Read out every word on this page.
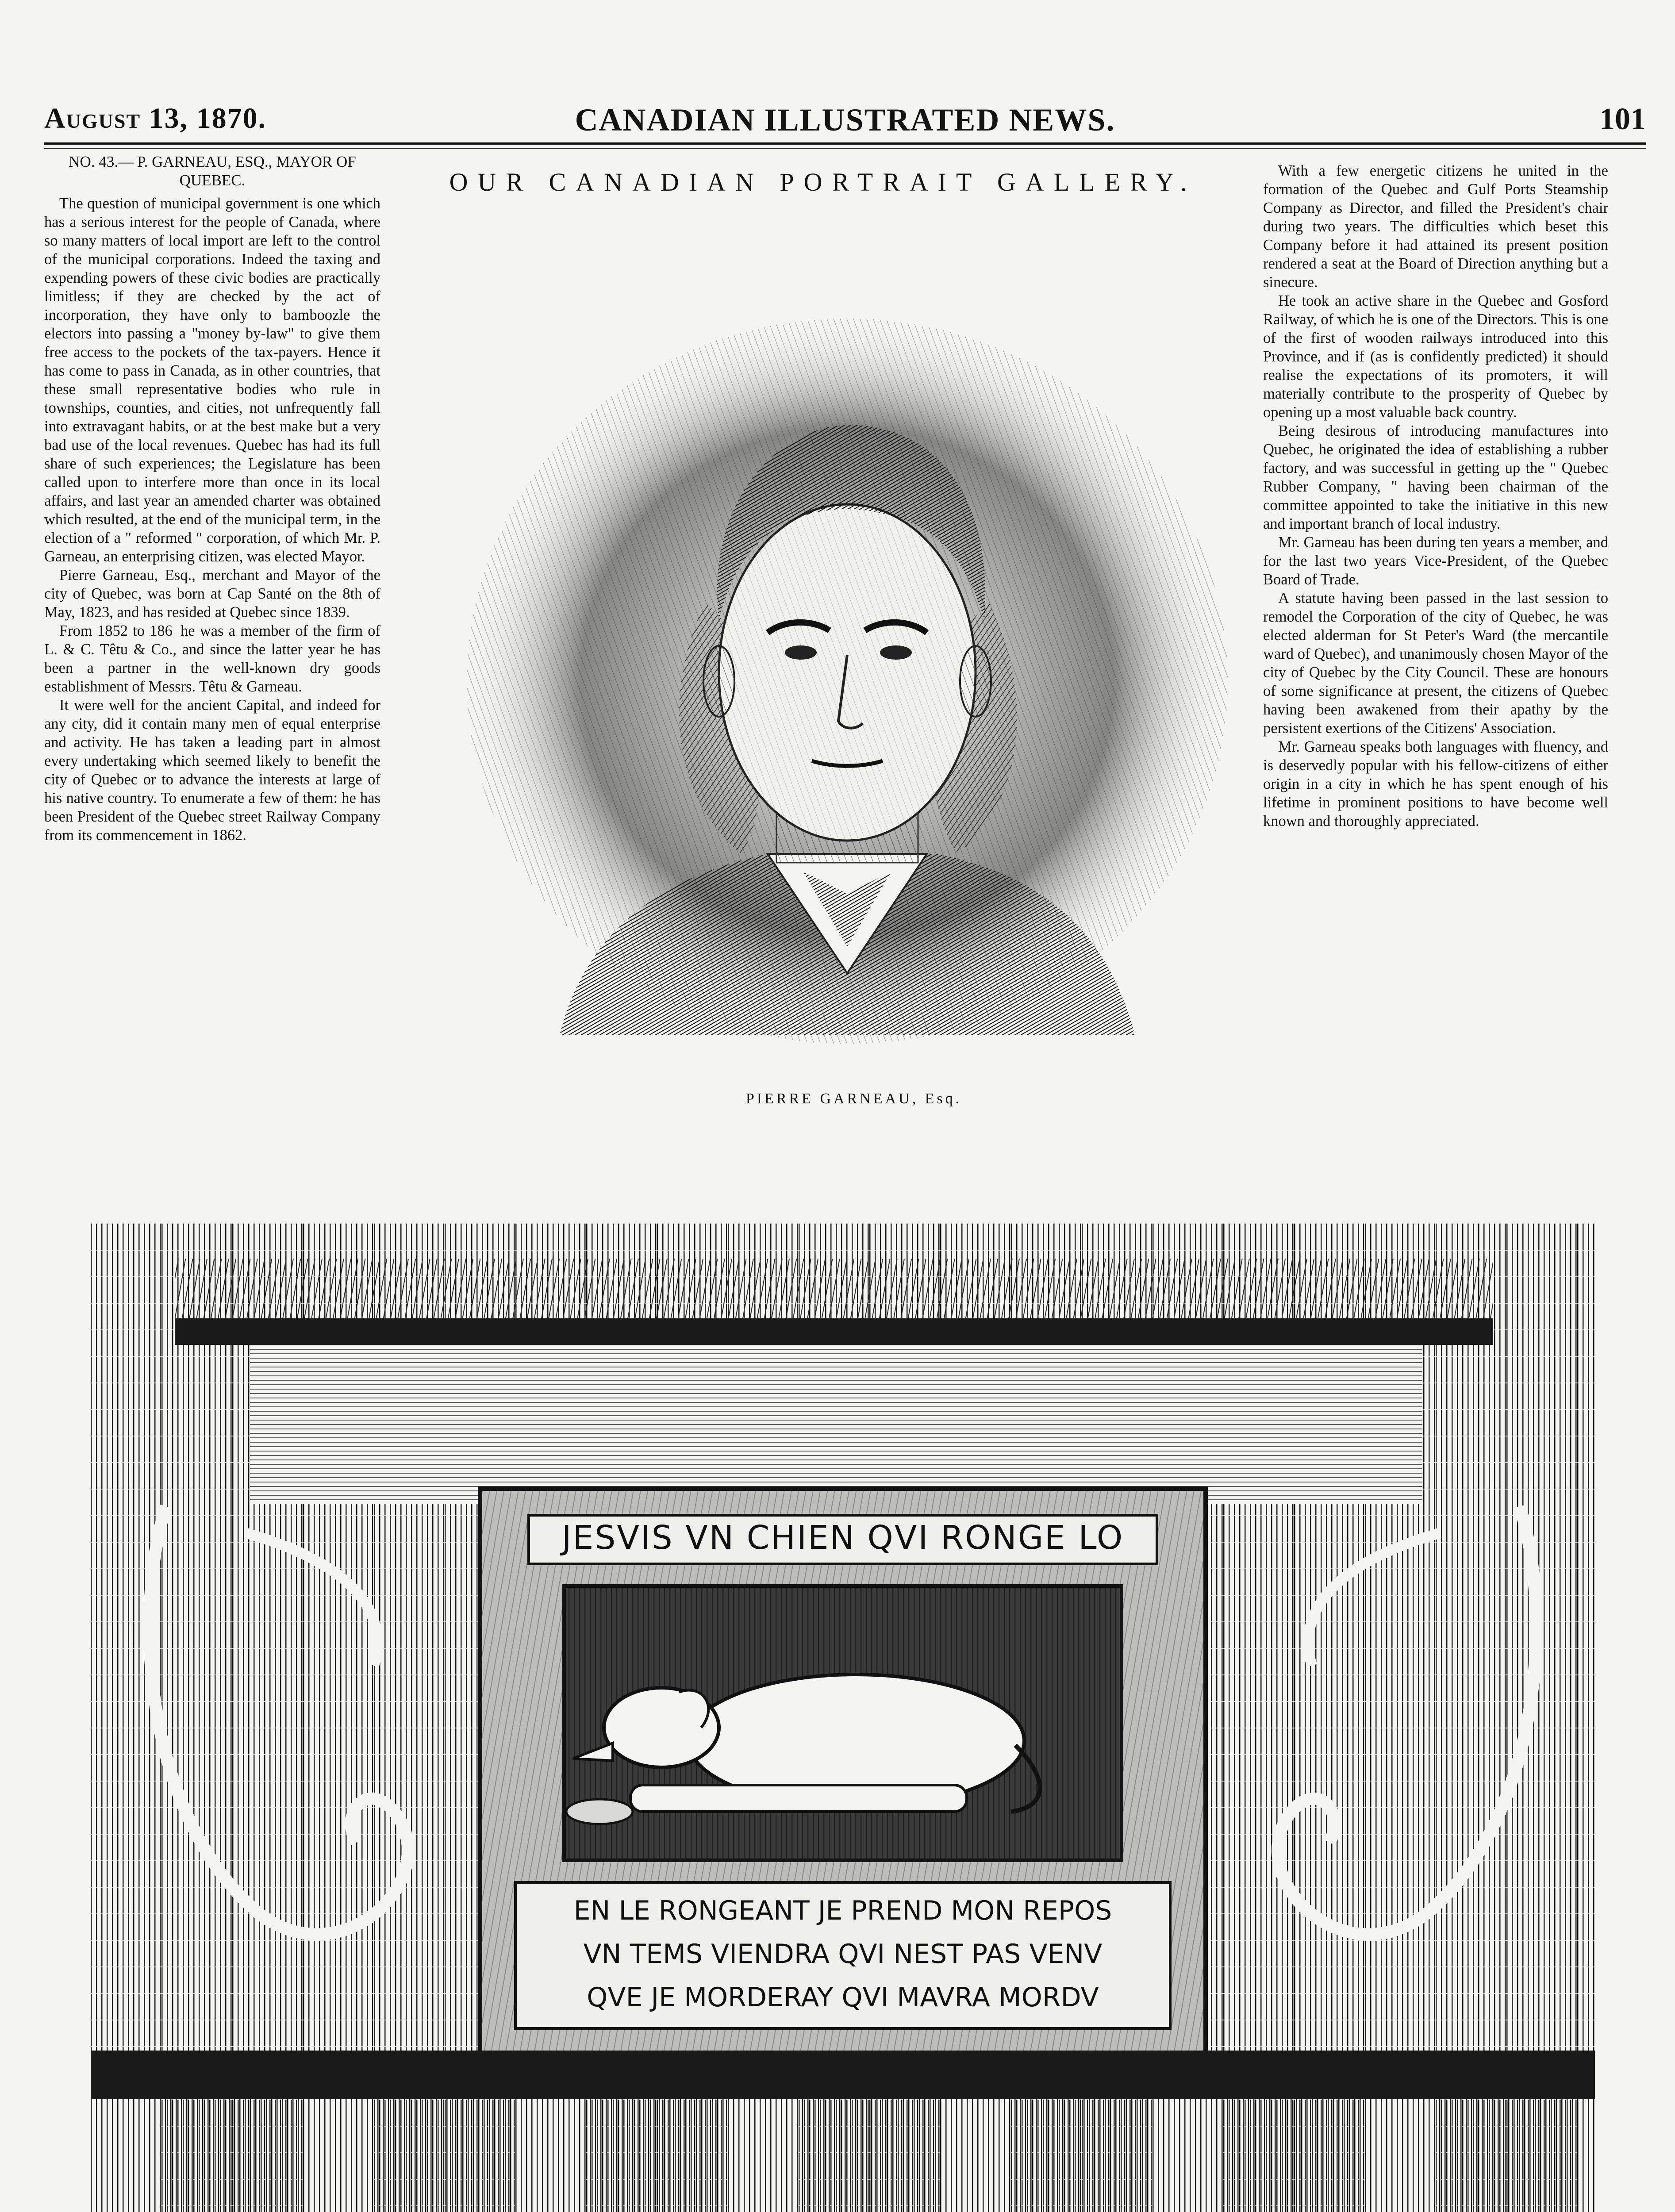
August 13, 1870.	CANADIAN ILLUSTRATED NEWS.	101
NO. 43.— P. GARNEAU, ESQ., MAYOR OF QUEBEC.

The question of municipal government is one which has a serious interest for the people of Canada, where so many matters of local import are left to the control of the municipal corporations. Indeed the taxing and expending powers of these civic bodies are practically limitless; if they are checked by the act of incorporation, they have only to bamboozle the electors into passing a "money by-law" to give them free access to the pockets of the tax-payers. Hence it has come to pass in Canada, as in other countries, that these small representative bodies who rule in townships, counties, and cities, not unfrequently fall into extravagant habits, or at the best make but a very bad use of the local revenues. Quebec has had its full share of such experiences; the Legislature has been called upon to interfere more than once in its local affairs, and last year an amended charter was obtained which resulted, at the end of the municipal term, in the election of a " reformed " corporation, of which Mr. P. Garneau, an enterprising citizen, was elected Mayor.

Pierre Garneau, Esq., merchant and Mayor of the city of Quebec, was born at Cap Santé on the 8th of May, 1823, and has resided at Quebec since 1839.

From 1852 to 186  he was a member of the firm of L. & C. Têtu & Co., and since the latter year he has been a partner in the well-known dry goods establishment of Messrs. Têtu & Garneau.

It were well for the ancient Capital, and indeed for any city, did it contain many men of equal enterprise and activity. He has taken a leading part in almost every undertaking which seemed likely to benefit the city of Quebec or to advance the interests at large of his native country. To enumerate a few of them: he has been President of the Quebec street Railway Company from its commencement in 1862.

OUR CANADIAN PORTRAIT GALLERY.
PIERRE GARNEAU, Esq.

With a few energetic citizens he united in the formation of the Quebec and Gulf Ports Steamship Company as Director, and filled the President's chair during two years. The difficulties which beset this Company before it had attained its present position rendered a seat at the Board of Direction anything but a sinecure.

He took an active share in the Quebec and Gosford Railway, of which he is one of the Directors. This is one of the first of wooden railways introduced into this Province, and if (as is confidently predicted) it should realise the expectations of its promoters, it will materially contribute to the prosperity of Quebec by opening up a most valuable back country.

Being desirous of introducing manufactures into Quebec, he originated the idea of establishing a rubber factory, and was successful in getting up the " Quebec Rubber Company, " having been chairman of the committee appointed to take the initiative in this new and important branch of local industry.

Mr. Garneau has been during ten years a member, and for the last two years Vice-President, of the Quebec Board of Trade.

A statute having been passed in the last session to remodel the Corporation of the city of Quebec, he was elected alderman for St Peter's Ward (the mercantile ward of Quebec), and unanimously chosen Mayor of the city of Quebec by the City Council. These are honours of some significance at present, the citizens of Quebec having been awakened from their apathy by the persistent exertions of the Citizens' Association.

Mr. Garneau speaks both languages with fluency, and is deservedly popular with his fellow-citizens of either origin in a city in which he has spent enough of his lifetime in prominent positions to have become well known and thoroughly appreciated.

JESVIS VN CHIEN QVI RONGE LO
EN LE RONGEANT JE PREND MON REPOS
VN TEMS VIENDRA QVI NEST PAS VENV
QVE JE MORDERAY QVI MAVRA MORDV
